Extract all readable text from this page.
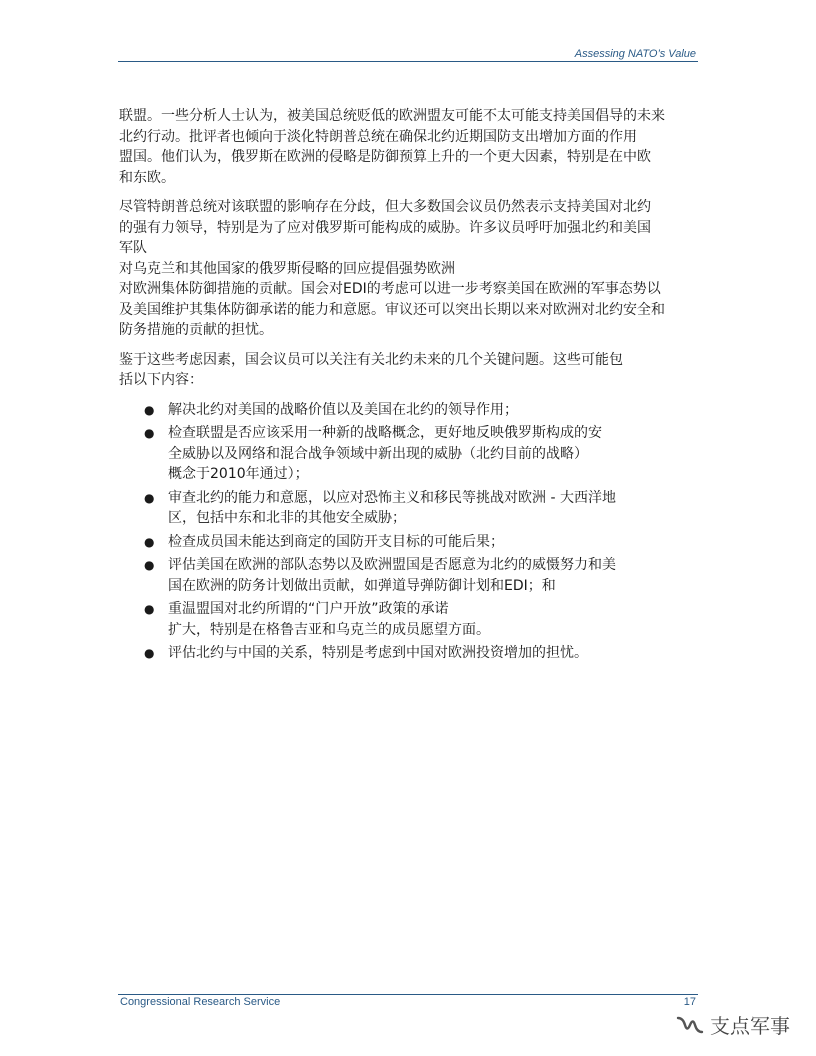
Assessing NATO’s Value

联盟。一些分析人士认为，被美国总统贬低的欧洲盟友可能不太可能支持美国倡导的未来
北约行动。批评者也倾向于淡化特朗普总统在确保北约近期国防支出增加方面的作用
盟国。他们认为，俄罗斯在欧洲的侵略是防御预算上升的一个更大因素，特别是在中欧
和东欧。

尽管特朗普总统对该联盟的影响存在分歧，但大多数国会议员仍然表示支持美国对北约
的强有力领导，特别是为了应对俄罗斯可能构成的威胁。许多议员呼吁加强北约和美国
军队
对乌克兰和其他国家的俄罗斯侵略的回应提倡强势欧洲
对欧洲集体防御措施的贡献。国会对EDI的考虑可以进一步考察美国在欧洲的军事态势以
及美国维护其集体防御承诺的能力和意愿。审议还可以突出长期以来对欧洲对北约安全和
防务措施的贡献的担忧。

鉴于这些考虑因素，国会议员可以关注有关北约未来的几个关键问题。这些可能包
括以下内容：

● 解决北约对美国的战略价值以及美国在北约的领导作用；
● 检查联盟是否应该采用一种新的战略概念，更好地反映俄罗斯构成的安
全威胁以及网络和混合战争领域中新出现的威胁（北约目前的战略）
概念于2010年通过）；
● 审查北约的能力和意愿，以应对恐怖主义和移民等挑战对欧洲 - 大西洋地
区，包括中东和北非的其他安全威胁；
● 检查成员国未能达到商定的国防开支目标的可能后果；
● 评估美国在欧洲的部队态势以及欧洲盟国是否愿意为北约的威慑努力和美
国在欧洲的防务计划做出贡献，如弹道导弹防御计划和EDI；和
● 重温盟国对北约所谓的“门户开放”政策的承诺
扩大，特别是在格鲁吉亚和乌克兰的成员愿望方面。
● 评估北约与中国的关系，特别是考虑到中国对欧洲投资增加的担忧。
Congressional Research Service	17
支点军事
